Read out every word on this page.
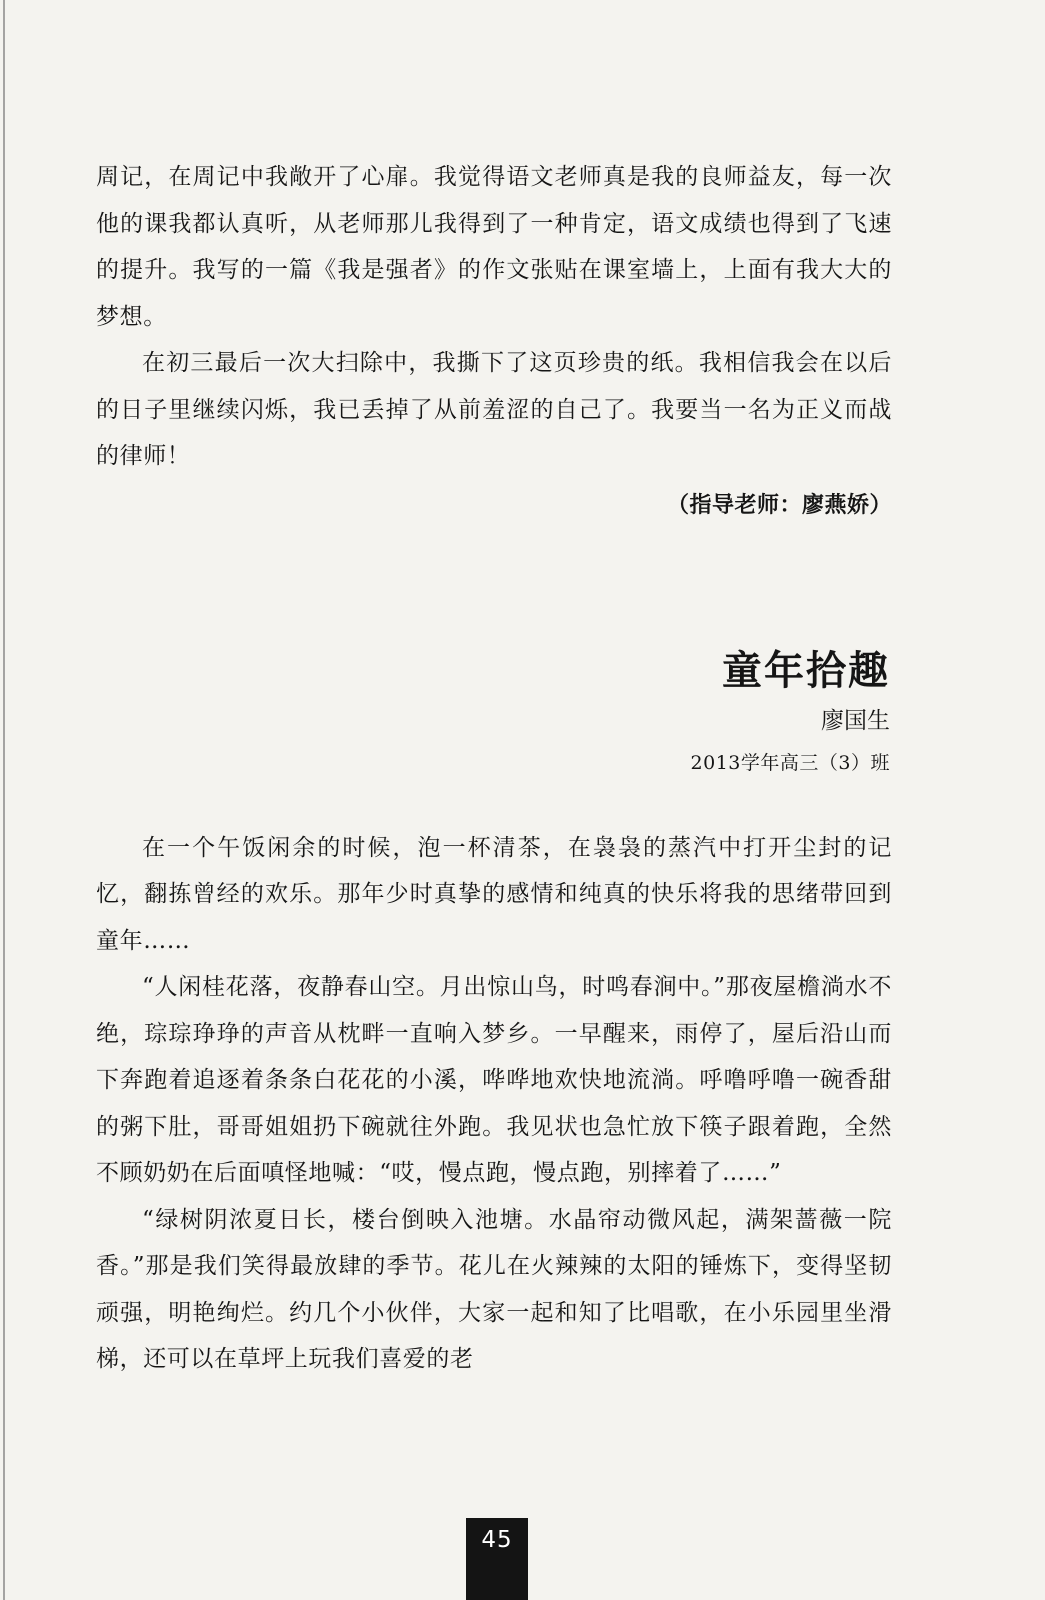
周记，在周记中我敞开了心扉。我觉得语文老师真是我的良师益友，每一次他的课我都认真听，从老师那儿我得到了一种肯定，语文成绩也得到了飞速的提升。我写的一篇《我是强者》的作文张贴在课室墙上，上面有我大大的梦想。

在初三最后一次大扫除中，我撕下了这页珍贵的纸。我相信我会在以后的日子里继续闪烁，我已丢掉了从前羞涩的自己了。我要当一名为正义而战的律师！

（指导老师：廖燕娇）
童年拾趣
廖国生
2013学年高三（3）班

在一个午饭闲余的时候，泡一杯清茶，在袅袅的蒸汽中打开尘封的记忆，翻拣曾经的欢乐。那年少时真挚的感情和纯真的快乐将我的思绪带回到童年……

“人闲桂花落，夜静春山空。月出惊山鸟，时鸣春涧中。”那夜屋檐淌水不绝，琮琮琤琤的声音从枕畔一直响入梦乡。一早醒来，雨停了，屋后沿山而下奔跑着追逐着条条白花花的小溪，哗哗地欢快地流淌。呼噜呼噜一碗香甜的粥下肚，哥哥姐姐扔下碗就往外跑。我见状也急忙放下筷子跟着跑，全然不顾奶奶在后面嗔怪地喊：“哎，慢点跑，慢点跑，别摔着了……”

“绿树阴浓夏日长，楼台倒映入池塘。水晶帘动微风起，满架蔷薇一院香。”那是我们笑得最放肆的季节。花儿在火辣辣的太阳的锤炼下，变得坚韧顽强，明艳绚烂。约几个小伙伴，大家一起和知了比唱歌，在小乐园里坐滑梯，还可以在草坪上玩我们喜爱的老

45
